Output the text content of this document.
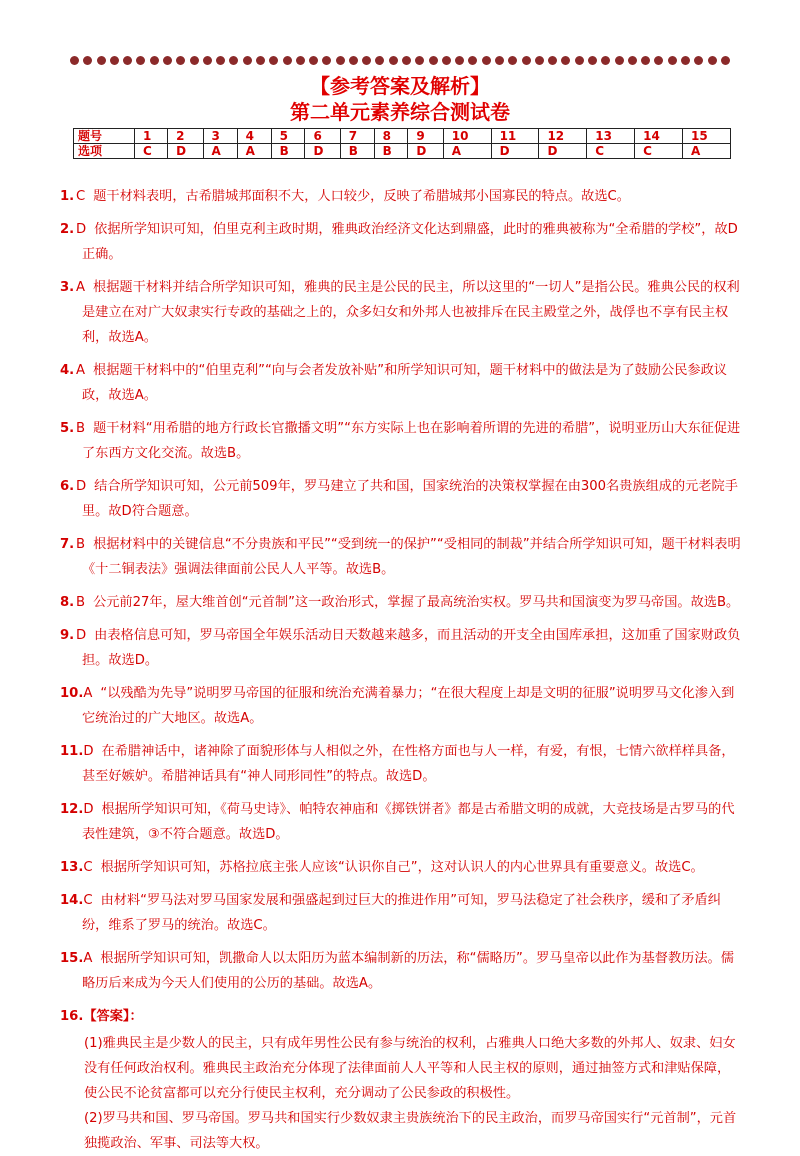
【参考答案及解析】
第二单元素养综合测试卷
题号	1	2	3	4	5	6	7	8	9	10	11	12	13	14	15
选项	C	D	A	A	B	D	B	B	D	A	D	D	C	C	A
1. C 题干材料表明，古希腊城邦面积不大，人口较少，反映了希腊城邦小国寡民的特点。故选C。
2. D 依据所学知识可知，伯里克利主政时期，雅典政治经济文化达到鼎盛，此时的雅典被称为“全希腊的学校”，故D正确。
3. A 根据题干材料并结合所学知识可知，雅典的民主是公民的民主，所以这里的“一切人”是指公民。雅典公民的权利是建立在对广大奴隶实行专政的基础之上的，众多妇女和外邦人也被排斥在民主殿堂之外，战俘也不享有民主权利，故选A。
4. A 根据题干材料中的“伯里克利”“向与会者发放补贴”和所学知识可知，题干材料中的做法是为了鼓励公民参政议政，故选A。
5. B 题干材料“用希腊的地方行政长官撒播文明”“东方实际上也在影响着所谓的先进的希腊”，说明亚历山大东征促进了东西方文化交流。故选B。
6. D 结合所学知识可知，公元前509年，罗马建立了共和国，国家统治的决策权掌握在由300名贵族组成的元老院手里。故D符合题意。
7. B 根据材料中的关键信息“不分贵族和平民”“受到统一的保护”“受相同的制裁”并结合所学知识可知，题干材料表明《十二铜表法》强调法律面前公民人人平等。故选B。
8. B 公元前27年，屋大维首创“元首制”这一政治形式，掌握了最高统治实权。罗马共和国演变为罗马帝国。故选B。
9. D 由表格信息可知，罗马帝国全年娱乐活动日天数越来越多，而且活动的开支全由国库承担，这加重了国家财政负担。故选D。
10.A “以残酷为先导”说明罗马帝国的征服和统治充满着暴力；“在很大程度上却是文明的征服”说明罗马文化渗入到它统治过的广大地区。故选A。
11.D 在希腊神话中，诸神除了面貌形体与人相似之外，在性格方面也与人一样，有爱，有恨，七情六欲样样具备，甚至好嫉妒。希腊神话具有“神人同形同性”的特点。故选D。
12.D 根据所学知识可知，《荷马史诗》、帕特农神庙和《掷铁饼者》都是古希腊文明的成就，大竞技场是古罗马的代表性建筑，③不符合题意。故选D。
13.C 根据所学知识可知，苏格拉底主张人应该“认识你自己”，这对认识人的内心世界具有重要意义。故选C。
14.C 由材料“罗马法对罗马国家发展和强盛起到过巨大的推进作用”可知，罗马法稳定了社会秩序，缓和了矛盾纠纷，维系了罗马的统治。故选C。
15.A 根据所学知识可知，凯撒命人以太阳历为蓝本编制新的历法，称“儒略历”。罗马皇帝以此作为基督教历法。儒略历后来成为今天人们使用的公历的基础。故选A。
16.【答案】：
(1)雅典民主是少数人的民主，只有成年男性公民有参与统治的权利，占雅典人口绝大多数的外邦人、奴隶、妇女没有任何政治权利。雅典民主政治充分体现了法律面前人人平等和人民主权的原则，通过抽签方式和津贴保障，使公民不论贫富都可以充分行使民主权利，充分调动了公民参政的积极性。
(2)罗马共和国、罗马帝国。罗马共和国实行少数奴隶主贵族统治下的民主政治，而罗马帝国实行“元首制”，元首独揽政治、军事、司法等大权。
